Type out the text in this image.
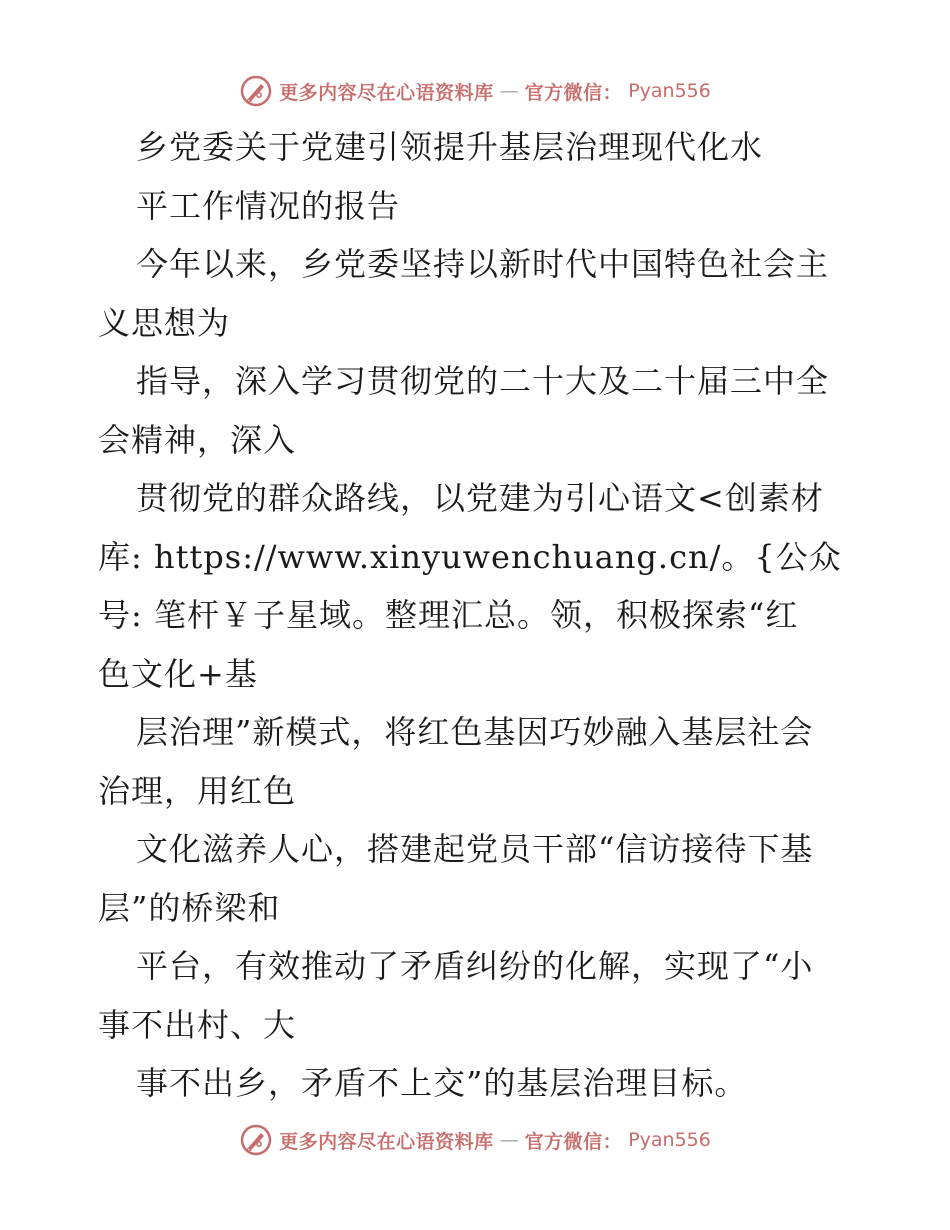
更多内容尽在心语资料库 — 官方微信： Pyan556
乡党委关于党建引领提升基层治理现代化水
平工作情况的报告
今年以来，乡党委坚持以新时代中国特色社会主
义思想为
指导，深入学习贯彻党的二十大及二十届三中全
会精神，深入
贯彻党的群众路线，以党建为引心语文<创素材
库: https://www.xinyuwenchuang.cn/。{公众
号: 笔杆￥子星域。整理汇总。领，积极探索“红
色文化+基
层治理”新模式，将红色基因巧妙融入基层社会
治理，用红色
文化滋养人心，搭建起党员干部“信访接待下基
层”的桥梁和
平台，有效推动了矛盾纠纷的化解，实现了“小
事不出村、大
事不出乡，矛盾不上交”的基层治理目标。
更多内容尽在心语资料库 — 官方微信： Pyan556
